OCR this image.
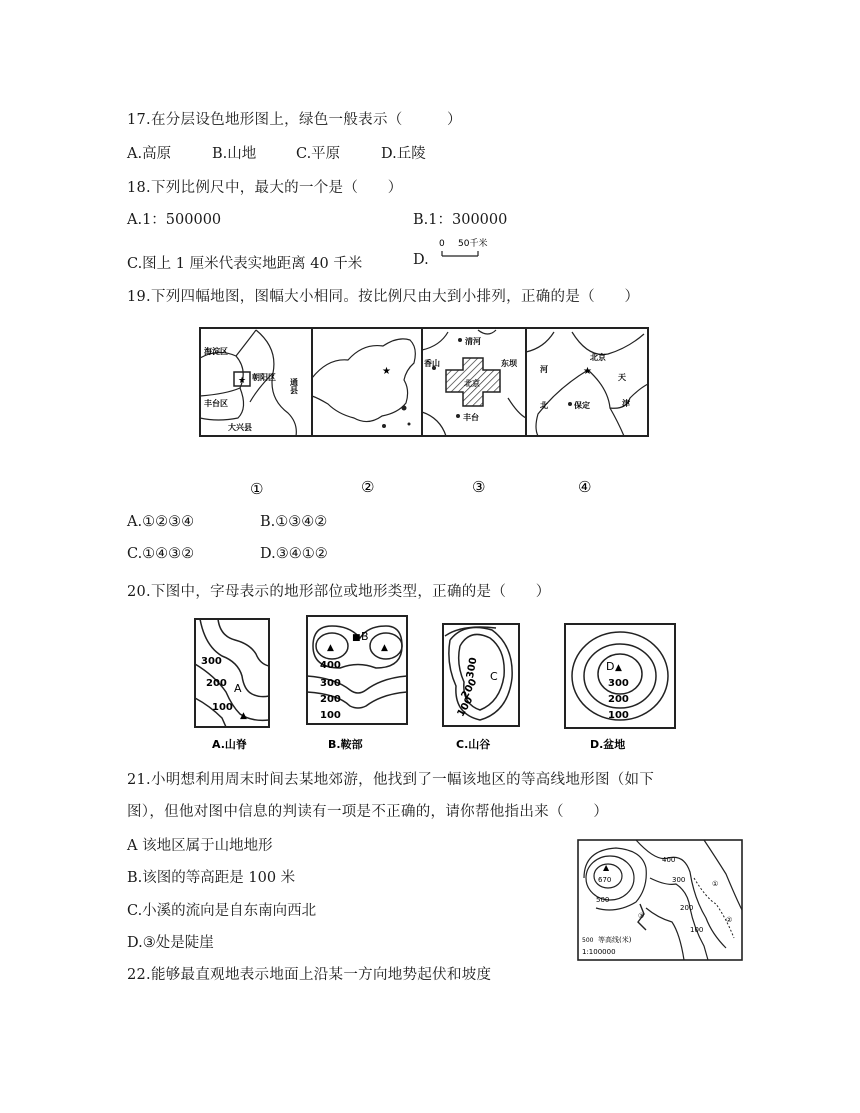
17.在分层设色地形图上，绿色一般表示（　　　）
A.高原	B.山地	C.平原	D.丘陵
18.下列比例尺中，最大的一个是（　　）
A.1：500000	B.1：300000
C.图上 1 厘米代表实地距离 40 千米	D.
0 50千米
19.下列四幅地图，图幅大小相同。按比例尺由大到小排列，正确的是（　　）
★
海淀区
朝阳区
丰台区
大兴县
通县
★
清河
东坝
香山
北京
丰台
★
北京
天
河
北	保定	津
①	②	③	④
A.①②③④	B.①③④②
C.①④③②	D.③④①②
20.下图中，字母表示的地形部位或地形类型，正确的是（　　）
300
200
100
A
▲
A.山脊
▲	▲
■ B
400
300
200
100
B.鞍部
300
200
100
C
C.山谷
D ▲
300
200
100
D.盆地
21.小明想利用周末时间去某地郊游，他找到了一幅该地区的等高线地形图（如下
图），但他对图中信息的判读有一项是不正确的，请你帮他指出来（　　）
A 该地区属于山地地形
B.该图的等高距是 100 米
C.小溪的流向是自东南向西北
D.③处是陡崖
▲
670
400
300
500
200
100
③
①
②
500 等高线(米)
1:100000
22.能够最直观地表示地面上沿某一方向地势起伏和坡度
